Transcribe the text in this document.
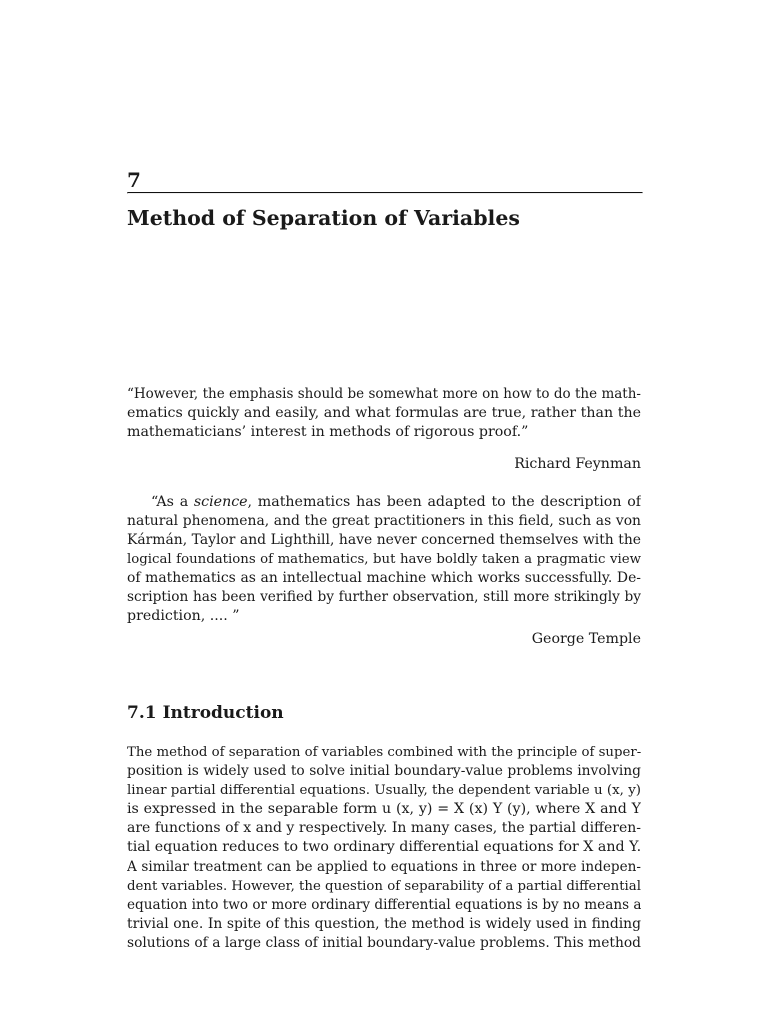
7
Method of Separation of Variables
“However, the emphasis should be somewhat more on how to do the math-
ematics quickly and easily, and what formulas are true, rather than the
mathematicians’ interest in methods of rigorous proof.”

Richard Feynman

“As a science, mathematics has been adapted to the description of
natural phenomena, and the great practitioners in this field, such as von
Kármán, Taylor and Lighthill, have never concerned themselves with the
logical foundations of mathematics, but have boldly taken a pragmatic view
of mathematics as an intellectual machine which works successfully. De-
scription has been verified by further observation, still more strikingly by
prediction, .... ”

George Temple

7.1 Introduction
The method of separation of variables combined with the principle of super-
position is widely used to solve initial boundary-value problems involving
linear partial differential equations. Usually, the dependent variable u (x, y)
is expressed in the separable form u (x, y) = X (x) Y (y), where X and Y
are functions of x and y respectively. In many cases, the partial differen-
tial equation reduces to two ordinary differential equations for X and Y.
A similar treatment can be applied to equations in three or more indepen-
dent variables. However, the question of separability of a partial differential
equation into two or more ordinary differential equations is by no means a
trivial one. In spite of this question, the method is widely used in finding
solutions of a large class of initial boundary-value problems. This method
